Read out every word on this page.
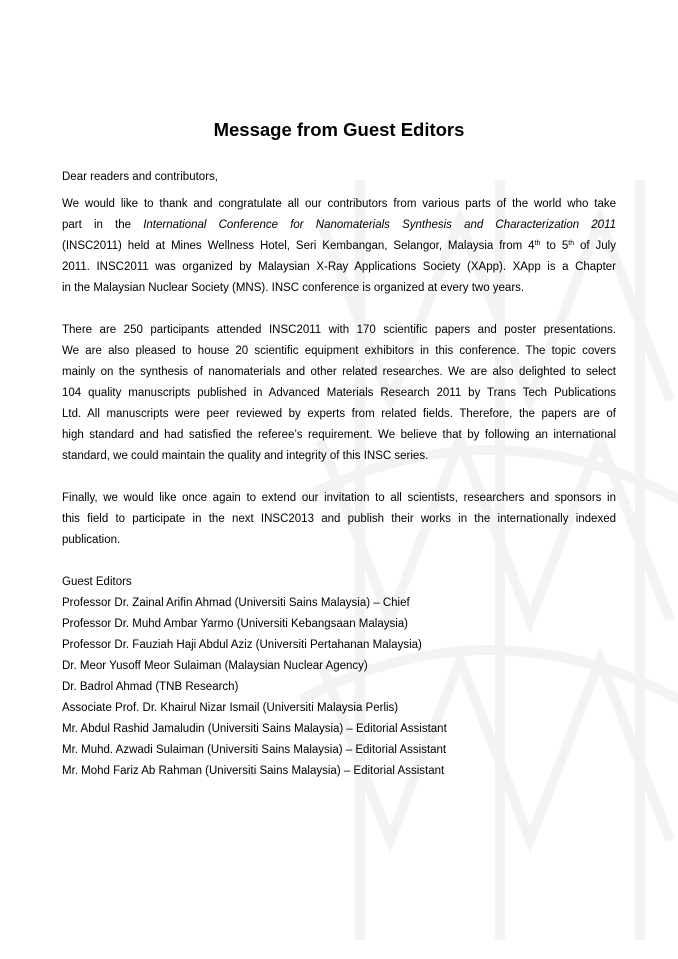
Message from Guest Editors

Dear readers and contributors,

We would like to thank and congratulate all our contributors from various parts of the world who take
part in the International Conference for Nanomaterials Synthesis and Characterization 2011
(INSC2011) held at Mines Wellness Hotel, Seri Kembangan, Selangor, Malaysia from 4th to 5th of July
2011. INSC2011 was organized by Malaysian X-Ray Applications Society (XApp). XApp is a Chapter
in the Malaysian Nuclear Society (MNS). INSC conference is organized at every two years.

There are 250 participants attended INSC2011 with 170 scientific papers and poster presentations.
We are also pleased to house 20 scientific equipment exhibitors in this conference. The topic covers
mainly on the synthesis of nanomaterials and other related researches. We are also delighted to select
104 quality manuscripts published in Advanced Materials Research 2011 by Trans Tech Publications
Ltd. All manuscripts were peer reviewed by experts from related fields. Therefore, the papers are of
high standard and had satisfied the referee’s requirement. We believe that by following an international
standard, we could maintain the quality and integrity of this INSC series.

Finally, we would like once again to extend our invitation to all scientists, researchers and sponsors in
this field to participate in the next INSC2013 and publish their works in the internationally indexed
publication.

Guest Editors
Professor Dr. Zainal Arifin Ahmad (Universiti Sains Malaysia) – Chief
Professor Dr. Muhd Ambar Yarmo (Universiti Kebangsaan Malaysia)
Professor Dr. Fauziah Haji Abdul Aziz (Universiti Pertahanan Malaysia)
Dr. Meor Yusoff Meor Sulaiman (Malaysian Nuclear Agency)
Dr. Badrol Ahmad (TNB Research)
Associate Prof. Dr. Khairul Nizar Ismail (Universiti Malaysia Perlis)
Mr. Abdul Rashid Jamaludin (Universiti Sains Malaysia) – Editorial Assistant
Mr. Muhd. Azwadi Sulaiman (Universiti Sains Malaysia) – Editorial Assistant
Mr. Mohd Fariz Ab Rahman (Universiti Sains Malaysia) – Editorial Assistant
